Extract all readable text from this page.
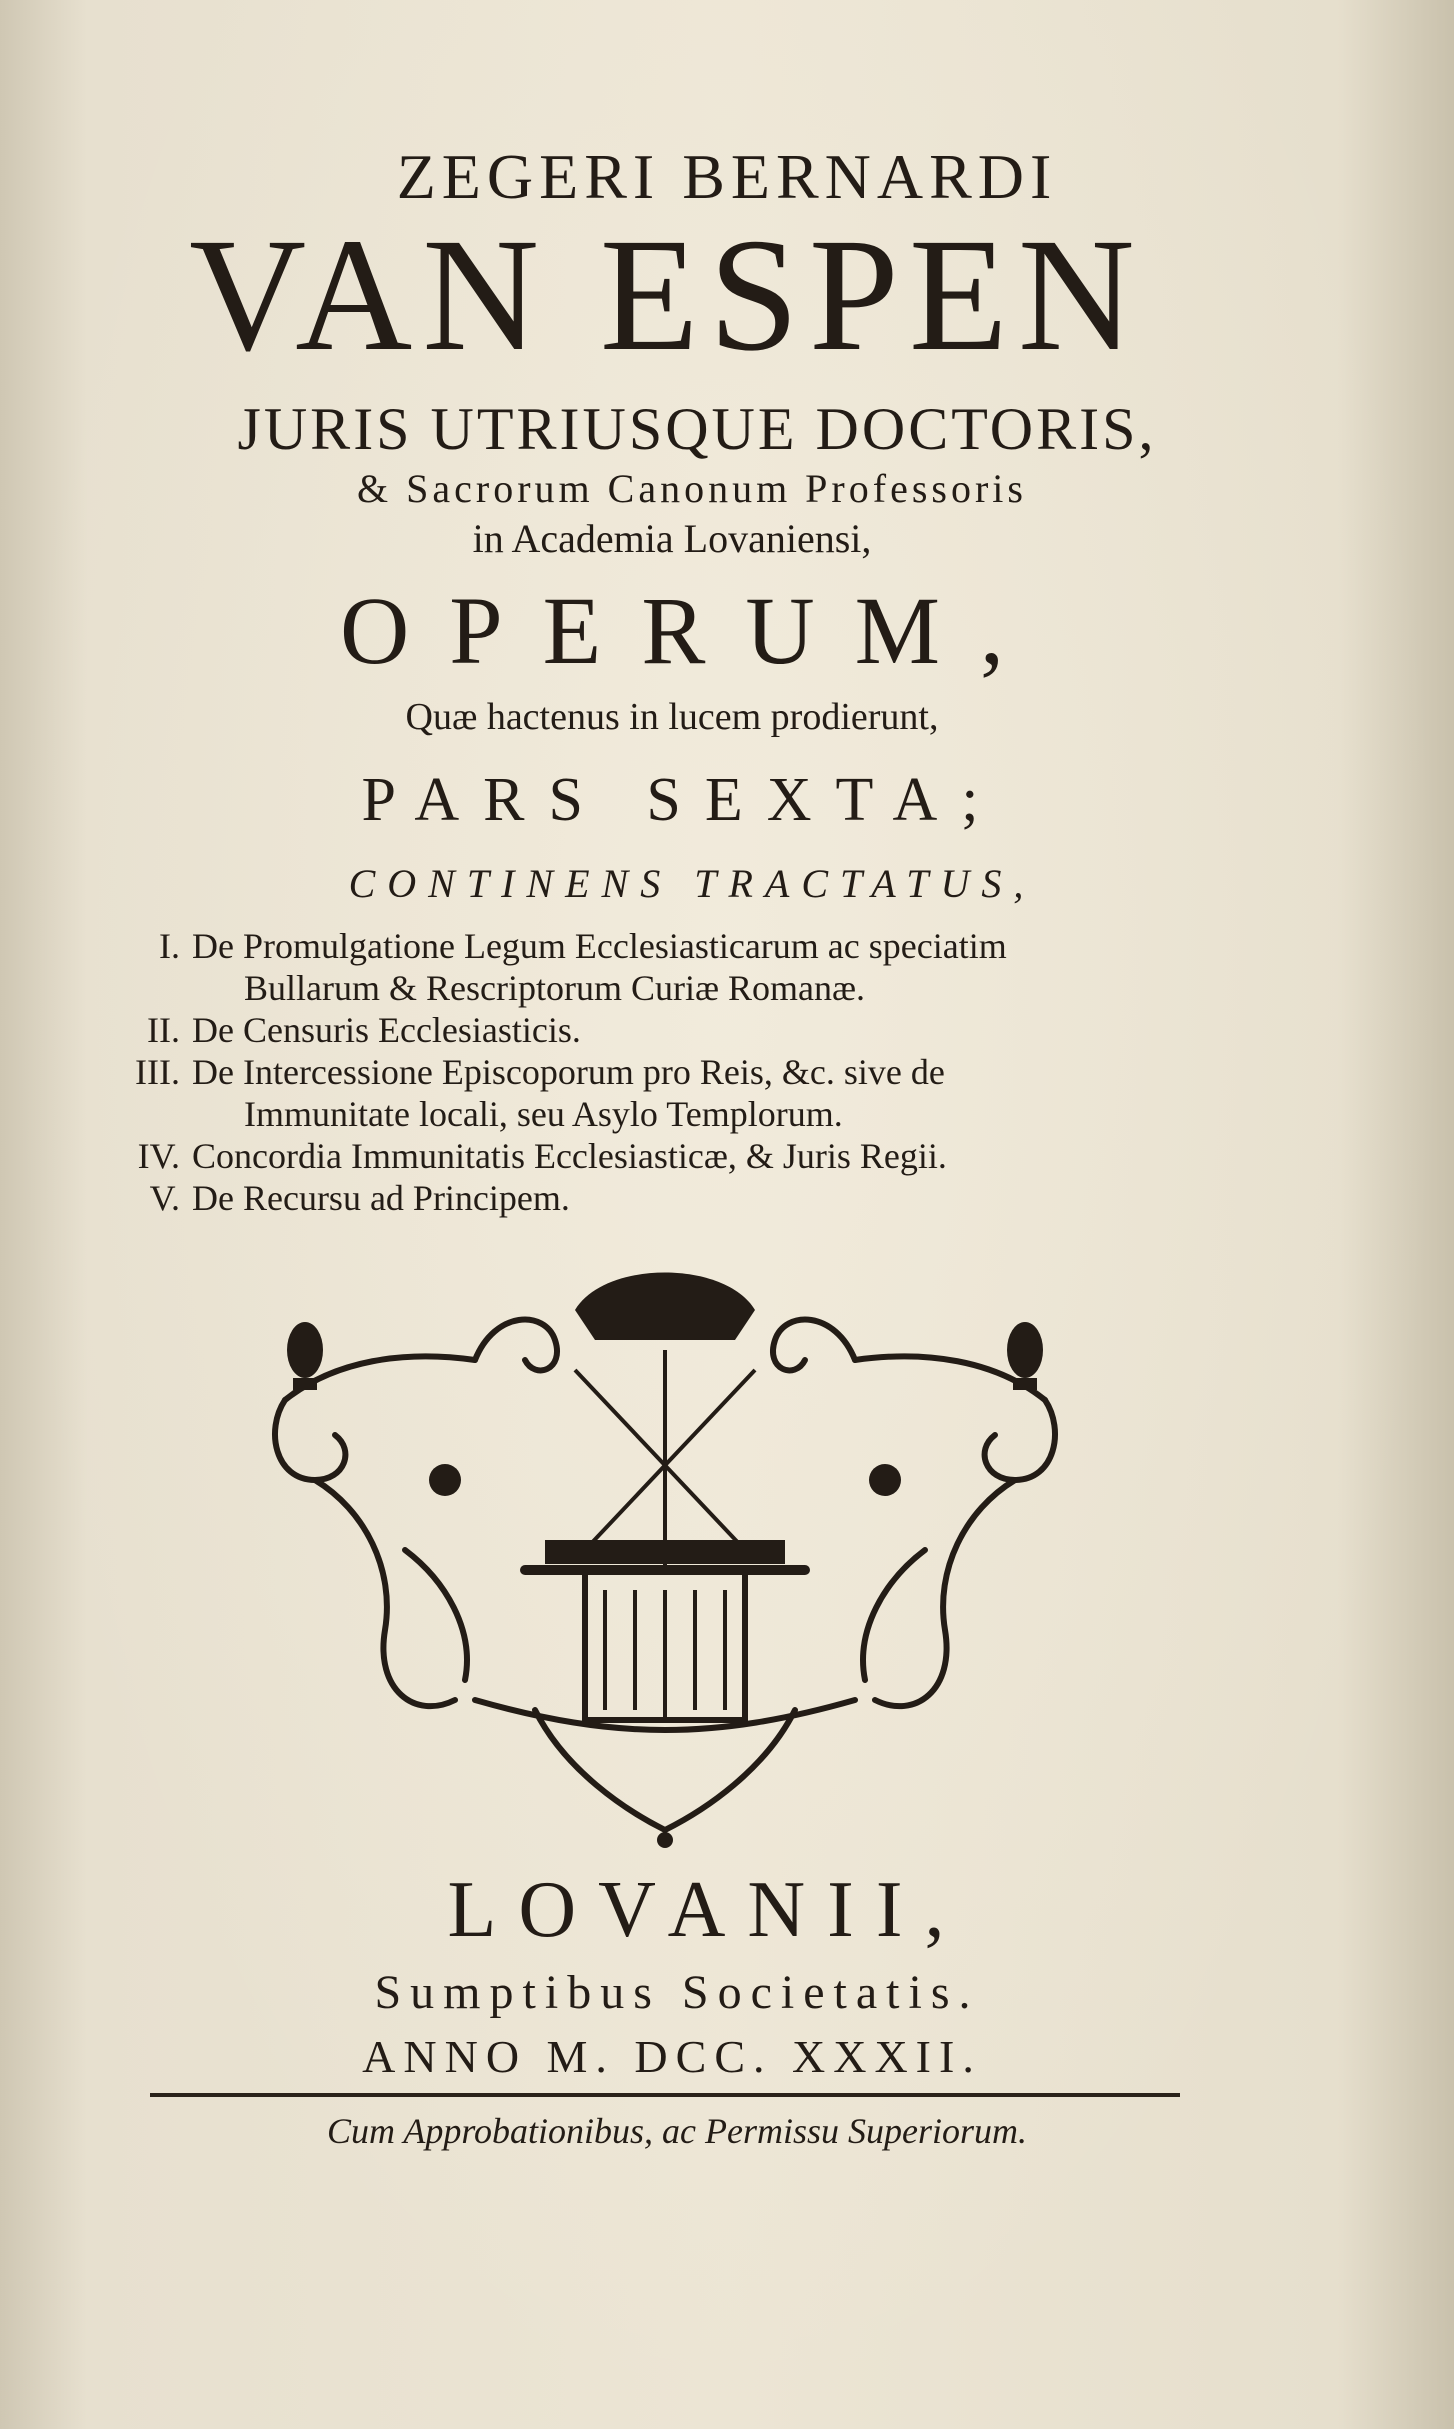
ZEGERI BERNARDI
VAN ESPEN
JURIS UTRIUSQUE DOCTORIS,
& Sacrorum Canonum Professoris
in Academia Lovaniensi,
OPERUM,
Quæ hactenus in lucem prodierunt,
PARS SEXTA;
CONTINENS TRACTATUS,
I. De Promulgatione Legum Ecclesiasticarum ac speciatim
Bullarum & Rescriptorum Curiæ Romanæ.
II. De Censuris Ecclesiasticis.
III. De Intercessione Episcoporum pro Reis, &c. sive de
Immunitate locali, seu Asylo Templorum.
IV. Concordia Immunitatis Ecclesiasticæ, & Juris Regii.
V. De Recursu ad Principem.
LOVANII,
Sumptibus Societatis.
ANNO M. DCC. XXXII.
Cum Approbationibus, ac Permissu Superiorum.
